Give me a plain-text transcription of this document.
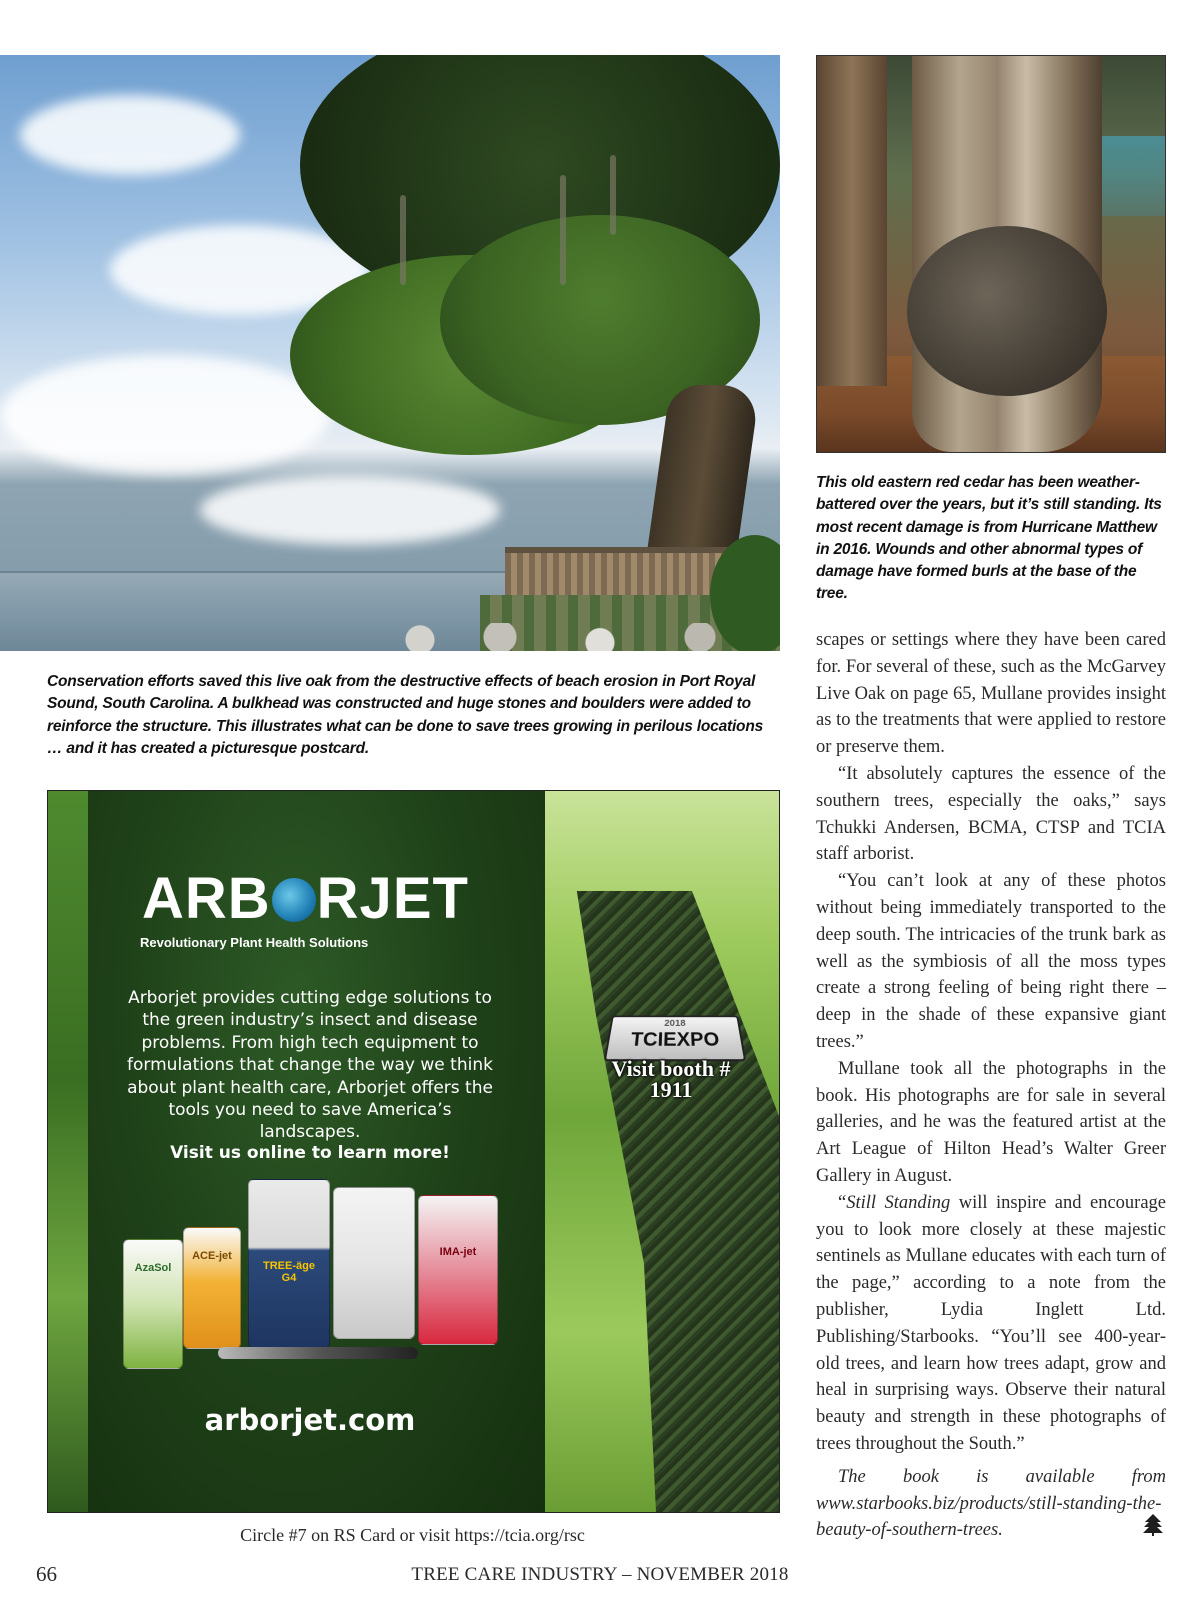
This old eastern red cedar has been weather-battered over the years, but it’s still standing. Its most recent damage is from Hurricane Matthew in 2016. Wounds and other abnormal types of damage have formed burls at the base of the tree.
Conservation efforts saved this live oak from the destructive effects of beach erosion in Port Royal Sound, South Carolina. A bulkhead was constructed and huge stones and boulders were added to reinforce the structure. This illustrates what can be done to save trees growing in perilous locations … and it has created a picturesque postcard.

scapes or settings where they have been cared for. For several of these, such as the McGarvey Live Oak on page 65, Mullane provides insight as to the treatments that were applied to restore or preserve them.

“It absolutely captures the essence of the southern trees, especially the oaks,” says Tchukki Andersen, BCMA, CTSP and TCIA staff arborist.

“You can’t look at any of these photos without being immediately transported to the deep south. The intricacies of the trunk bark as well as the symbiosis of all the moss types create a strong feeling of being right there – deep in the shade of these expansive giant trees.”

Mullane took all the photographs in the book. His photographs are for sale in several galleries, and he was the featured artist at the Art League of Hilton Head’s Walter Greer Gallery in August.

“Still Standing will inspire and encourage you to look more closely at these majestic sentinels as Mullane educates with each turn of the page,” according to a note from the publisher, Lydia Inglett Ltd. Publishing/Starbooks. “You’ll see 400-year-old trees, and learn how trees adapt, grow and heal in surprising ways. Observe their natural beauty and strength in these photographs of trees throughout the South.”

The book is available from www.starbooks.biz/products/still-standing-the-beauty-of-southern-trees.
ARB RJET
Revolutionary Plant Health Solutions
Arborjet provides cutting edge solutions to the green industry’s insect and disease problems. From high tech equipment to formulations that change the way we think about plant health care, Arborjet offers the tools you need to save America’s landscapes.
Visit us online to learn more!
AzaSol
ACE-jet
TREE-äge G4
IMA-jet
arborjet.com
2018
TCIEXPO
Visit booth # 1911
Circle #7 on RS Card or visit https://tcia.org/rsc
66	TREE CARE INDUSTRY – NOVEMBER 2018
